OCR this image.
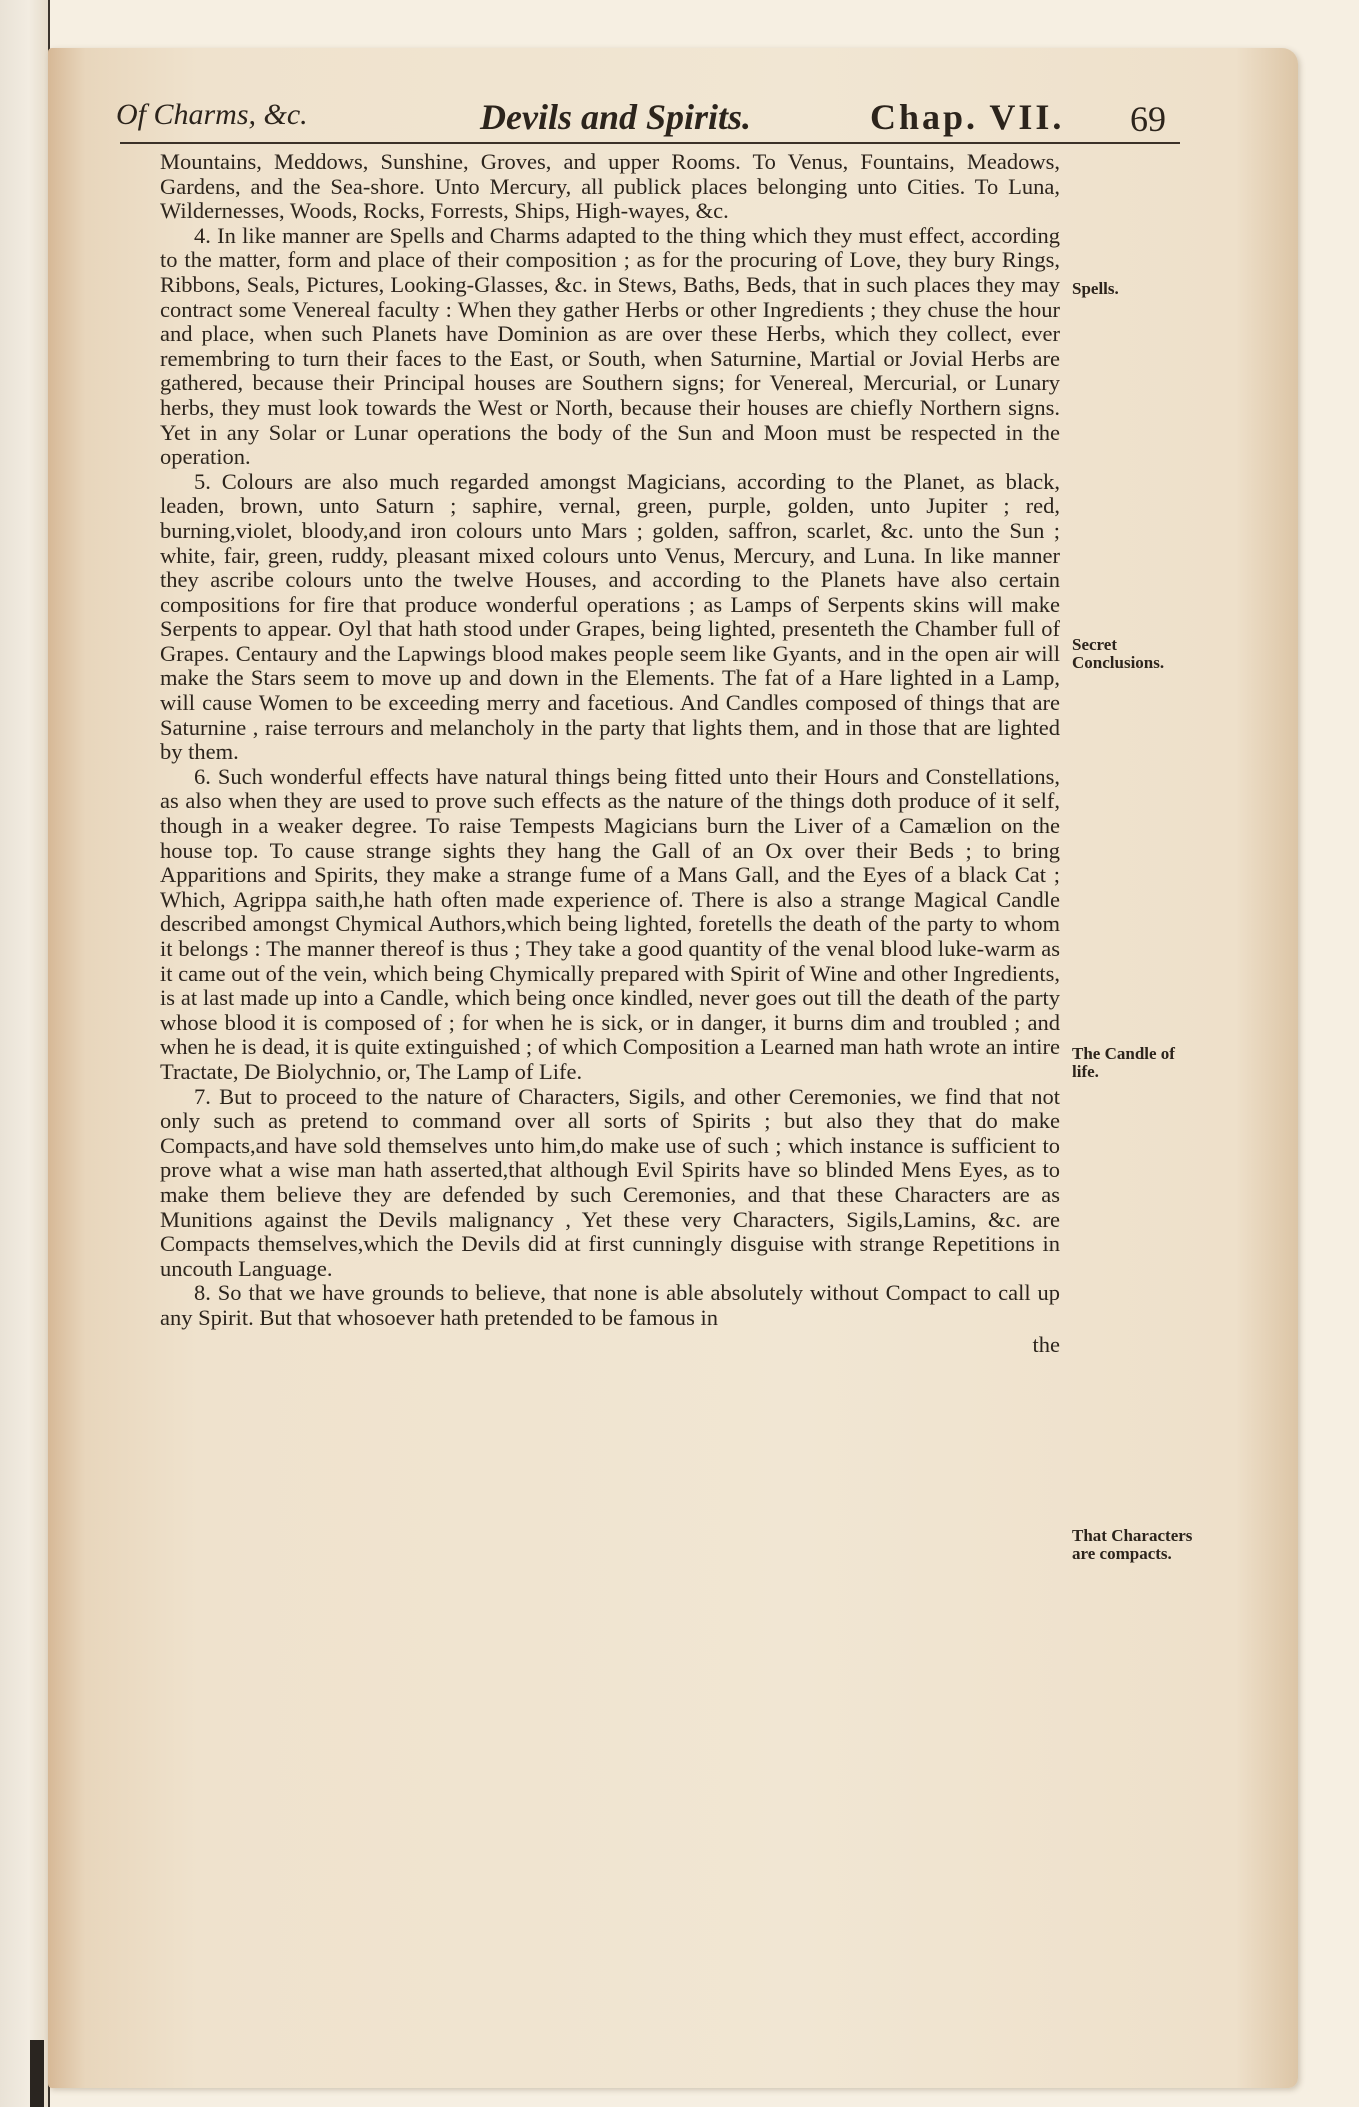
Of Charms, &c.	Devils and Spirits.	Chap. VII. 69

Mountains, Meddows, Sunshine, Groves, and upper Rooms. To Venus, Fountains, Meadows, Gardens, and the Sea-shore. Unto Mercury, all publick places belonging unto Cities. To Luna, Wildernesses, Woods, Rocks, Forrests, Ships, High-wayes, &c.

4. In like manner are Spells and Charms adapted to the thing which they must effect, according to the matter, form and place of their composition ; as for the procuring of Love, they bury Rings, Ribbons, Seals, Pictures, Looking-Glasses, &c. in Stews, Baths, Beds, that in such places they may contract some Venereal faculty : When they gather Herbs or other Ingredients ; they chuse the hour and place, when such Planets have Dominion as are over these Herbs, which they collect, ever remembring to turn their faces to the East, or South, when Saturnine, Martial or Jovial Herbs are gathered, because their Principal houses are Southern signs; for Venereal, Mercurial, or Lunary herbs, they must look towards the West or North, because their houses are chiefly Northern signs. Yet in any Solar or Lunar operations the body of the Sun and Moon must be respected in the operation.

5. Colours are also much regarded amongst Magicians, according to the Planet, as black, leaden, brown, unto Saturn ; saphire, vernal, green, purple, golden, unto Jupiter ; red, burning,violet, bloody,and iron colours unto Mars ; golden, saffron, scarlet, &c. unto the Sun ; white, fair, green, ruddy, pleasant mixed colours unto Venus, Mercury, and Luna. In like manner they ascribe colours unto the twelve Houses, and according to the Planets have also certain compositions for fire that produce wonderful operations ; as Lamps of Serpents skins will make Serpents to appear. Oyl that hath stood under Grapes, being lighted, presenteth the Chamber full of Grapes. Centaury and the Lapwings blood makes people seem like Gyants, and in the open air will make the Stars seem to move up and down in the Elements. The fat of a Hare lighted in a Lamp, will cause Women to be exceeding merry and facetious. And Candles composed of things that are Saturnine , raise terrours and melancholy in the party that lights them, and in those that are lighted by them.

6. Such wonderful effects have natural things being fitted unto their Hours and Constellations, as also when they are used to prove such effects as the nature of the things doth produce of it self, though in a weaker degree. To raise Tempests Magicians burn the Liver of a Camælion on the house top. To cause strange sights they hang the Gall of an Ox over their Beds ; to bring Apparitions and Spirits, they make a strange fume of a Mans Gall, and the Eyes of a black Cat ; Which, Agrippa saith,he hath often made experience of. There is also a strange Magical Candle described amongst Chymical Authors,which being lighted, foretells the death of the party to whom it belongs : The manner thereof is thus ; They take a good quantity of the venal blood luke-warm as it came out of the vein, which being Chymically prepared with Spirit of Wine and other Ingredients, is at last made up into a Candle, which being once kindled, never goes out till the death of the party whose blood it is composed of ; for when he is sick, or in danger, it burns dim and troubled ; and when he is dead, it is quite extinguished ; of which Composition a Learned man hath wrote an intire Tractate, De Biolychnio, or, The Lamp of Life.

7. But to proceed to the nature of Characters, Sigils, and other Ceremonies, we find that not only such as pretend to command over all sorts of Spirits ; but also they that do make Compacts,and have sold themselves unto him,do make use of such ; which instance is sufficient to prove what a wise man hath asserted,that although Evil Spirits have so blinded Mens Eyes, as to make them believe they are defended by such Ceremonies, and that these Characters are as Munitions against the Devils malignancy , Yet these very Characters, Sigils,Lamins, &c. are Compacts themselves,which the Devils did at first cunningly disguise with strange Repetitions in uncouth Language.

8. So that we have grounds to believe, that none is able absolutely without Compact to call up any Spirit. But that whosoever hath pretended to be famous in

the
Spells.
Secret Conclusions.
The Candle of life.
That Characters are compacts.
